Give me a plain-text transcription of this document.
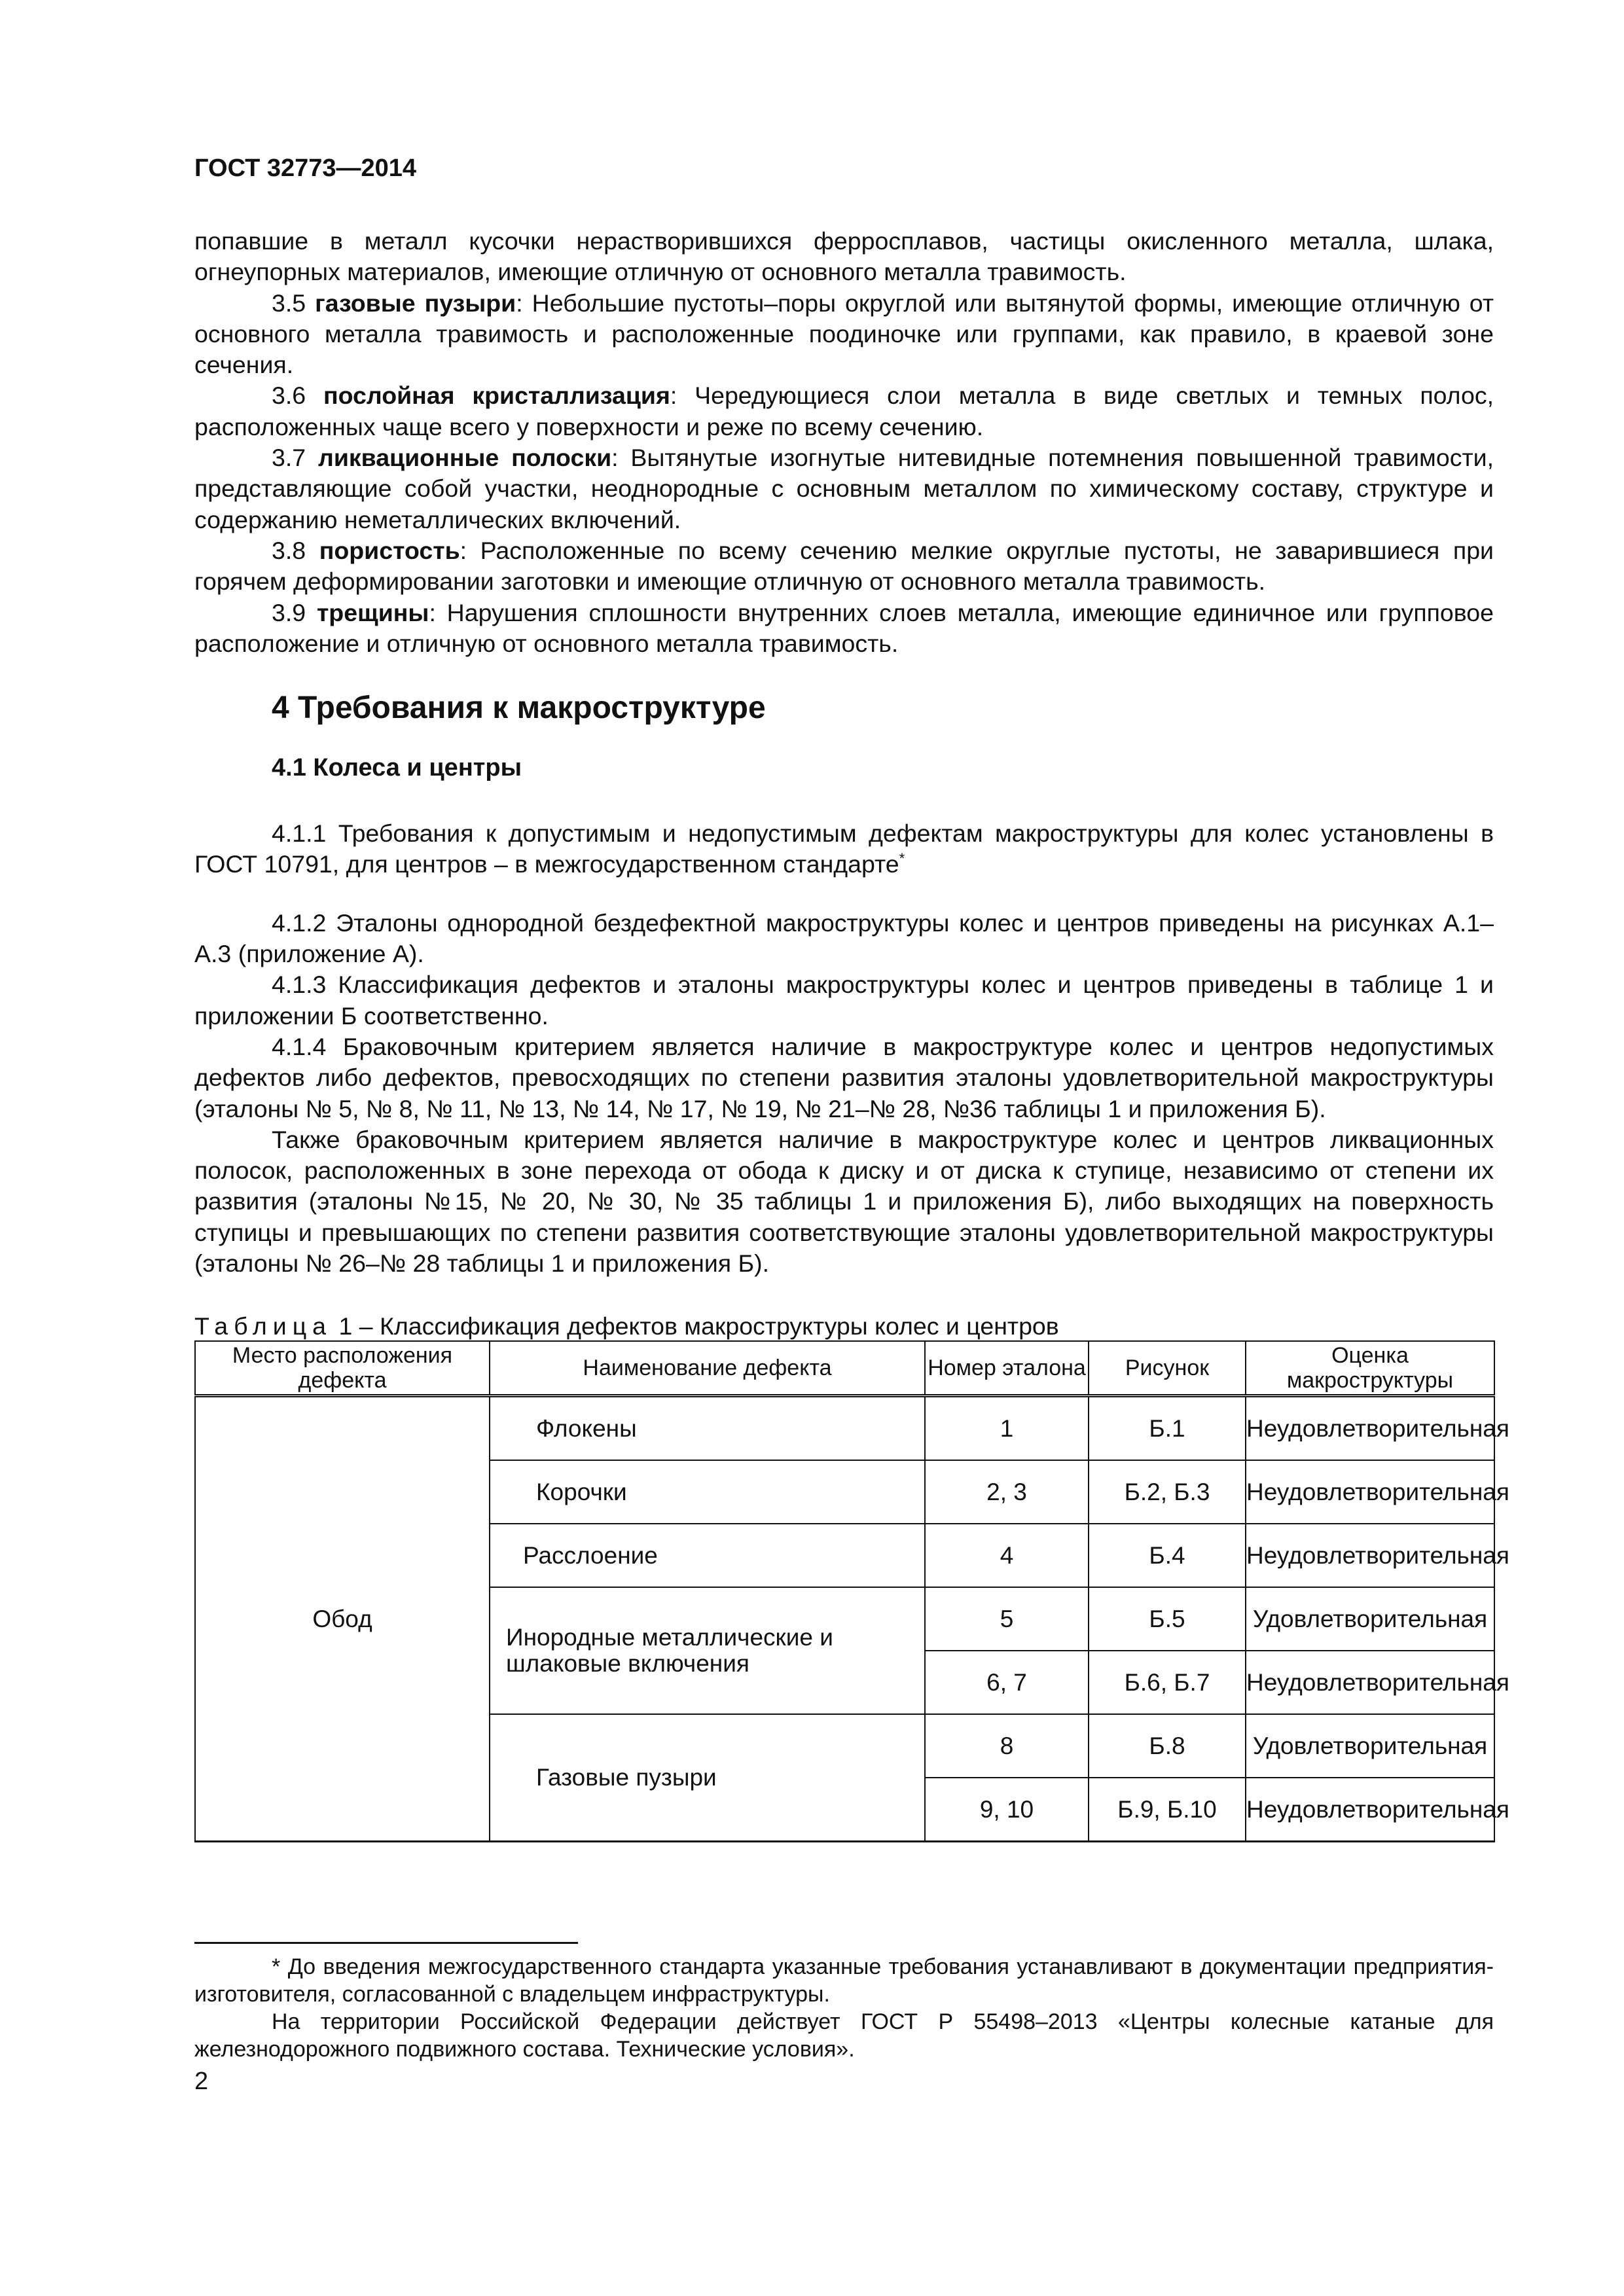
ГОСТ 32773—2014

попавшие в металл кусочки нерастворившихся ферросплавов, частицы окисленного металла, шлака, огнеупорных материалов, имеющие отличную от основного металла травимость.

3.5 газовые пузыри: Небольшие пустоты–поры округлой или вытянутой формы, имеющие отличную от основного металла травимость и расположенные поодиночке или группами, как правило, в краевой зоне сечения.

3.6 послойная кристаллизация: Чередующиеся слои металла в виде светлых и темных полос, расположенных чаще всего у поверхности и реже по всему сечению.

3.7 ликвационные полоски: Вытянутые изогнутые нитевидные потемнения повышенной травимости, представляющие собой участки, неоднородные с основным металлом по химическому составу, структуре и содержанию неметаллических включений.

3.8 пористость: Расположенные по всему сечению мелкие округлые пустоты, не заварившиеся при горячем деформировании заготовки и имеющие отличную от основного металла травимость.

3.9 трещины: Нарушения сплошности внутренних слоев металла, имеющие единичное или групповое расположение и отличную от основного металла травимость.

4 Требования к макроструктуре
4.1 Колеса и центры

4.1.1 Требования к допустимым и недопустимым дефектам макроструктуры для колес установлены в ГОСТ 10791, для центров – в межгосударственном стандарте*

4.1.2 Эталоны однородной бездефектной макроструктуры колес и центров приведены на рисунках А.1–А.3 (приложение А).

4.1.3 Классификация дефектов и эталоны макроструктуры колес и центров приведены в таблице 1 и приложении Б соответственно.

4.1.4 Браковочным критерием является наличие в макроструктуре колес и центров недопустимых дефектов либо дефектов, превосходящих по степени развития эталоны удовлетворительной макроструктуры (эталоны № 5, № 8, № 11, № 13, № 14, № 17, № 19, № 21–№ 28, №36 таблицы 1 и приложения Б).

Также браковочным критерием является наличие в макроструктуре колес и центров ликвационных полосок, расположенных в зоне перехода от обода к диску и от диска к ступице, независимо от степени их развития (эталоны №15, № 20, № 30, № 35 таблицы 1 и приложения Б), либо выходящих на поверхность ступицы и превышающих по степени развития соответствующие эталоны удовлетворительной макроструктуры (эталоны № 26–№ 28 таблицы 1 и приложения Б).

Таблица 1 – Классификация дефектов макроструктуры колес и центров
Место расположения дефекта	Наименование дефекта	Номер эталона	Рисунок	Оценка макроструктуры
Обод	Флокены	1	Б.1	Неудовлетворительная
	Корочки	2, 3	Б.2, Б.3	Неудовлетворительная
	Расслоение	4	Б.4	Неудовлетворительная
	Инородные металлические и шлаковые включения	5	Б.5	Удовлетворительная
		6, 7	Б.6, Б.7	Неудовлетворительная
	Газовые пузыри	8	Б.8	Удовлетворительная
		9, 10	Б.9, Б.10	Неудовлетворительная
* До введения межгосударственного стандарта указанные требования устанавливают в документации предприятия-изготовителя, согласованной с владельцем инфраструктуры.
На территории Российской Федерации действует ГОСТ Р 55498–2013 «Центры колесные катаные для железнодорожного подвижного состава. Технические условия».
2
